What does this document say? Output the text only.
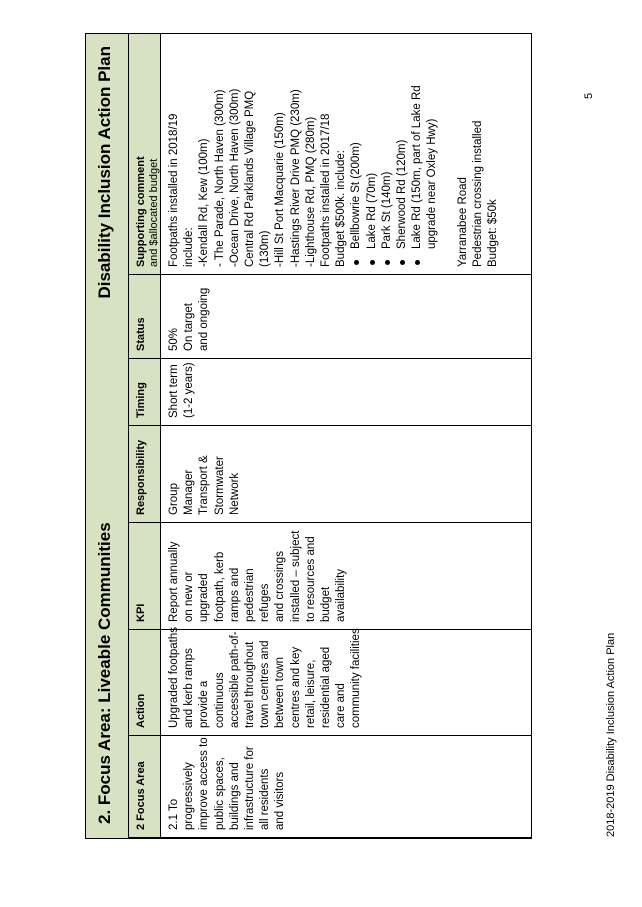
2018-2019 Disability Inclusion Action Plan
5
2. Focus Area: Liveable Communities
Disability Inclusion Action Plan
2 Focus Area 2.1 To progressively improve access to public spaces, buildings and infrastructure for all residents and visitors
Action Upgraded footpaths and kerb ramps provide a continuous accessible path-of- travel throughout town centres and between town centres and key retail, leisure, residential aged care and community facilities
KPI Report annually on new or upgraded footpath, kerb ramps and pedestrian refuges and crossings installed – subject to resources and budget availability
Responsibility Group Manager Transport & Stormwater Network
Timing Short term (1-2 years)
Status 50% On target and ongoing
Supporting comment and $allocated budget Footpaths installed in 2018/19 include: -Kendall Rd, Kew (100m) - The Parade, North Haven (300m) -Ocean Drive, North Haven (300m) Central Rd Parklands Village PMQ (130m) -Hill St Port Macquarie (150m) -Hastings River Drive PMQ (230m) -Lighthouse Rd, PMQ (280m) Footpaths installed in 2017/18 Budget $500k. include: Bellbowrie St (200m) Lake Rd (70m) Park St (140m) Sherwood Rd (120m) Lake Rd (150m, part of Lake Rd upgrade near Oxley Hwy) Yarranabee Road Pedestrian crossing installed Budget: $50k
